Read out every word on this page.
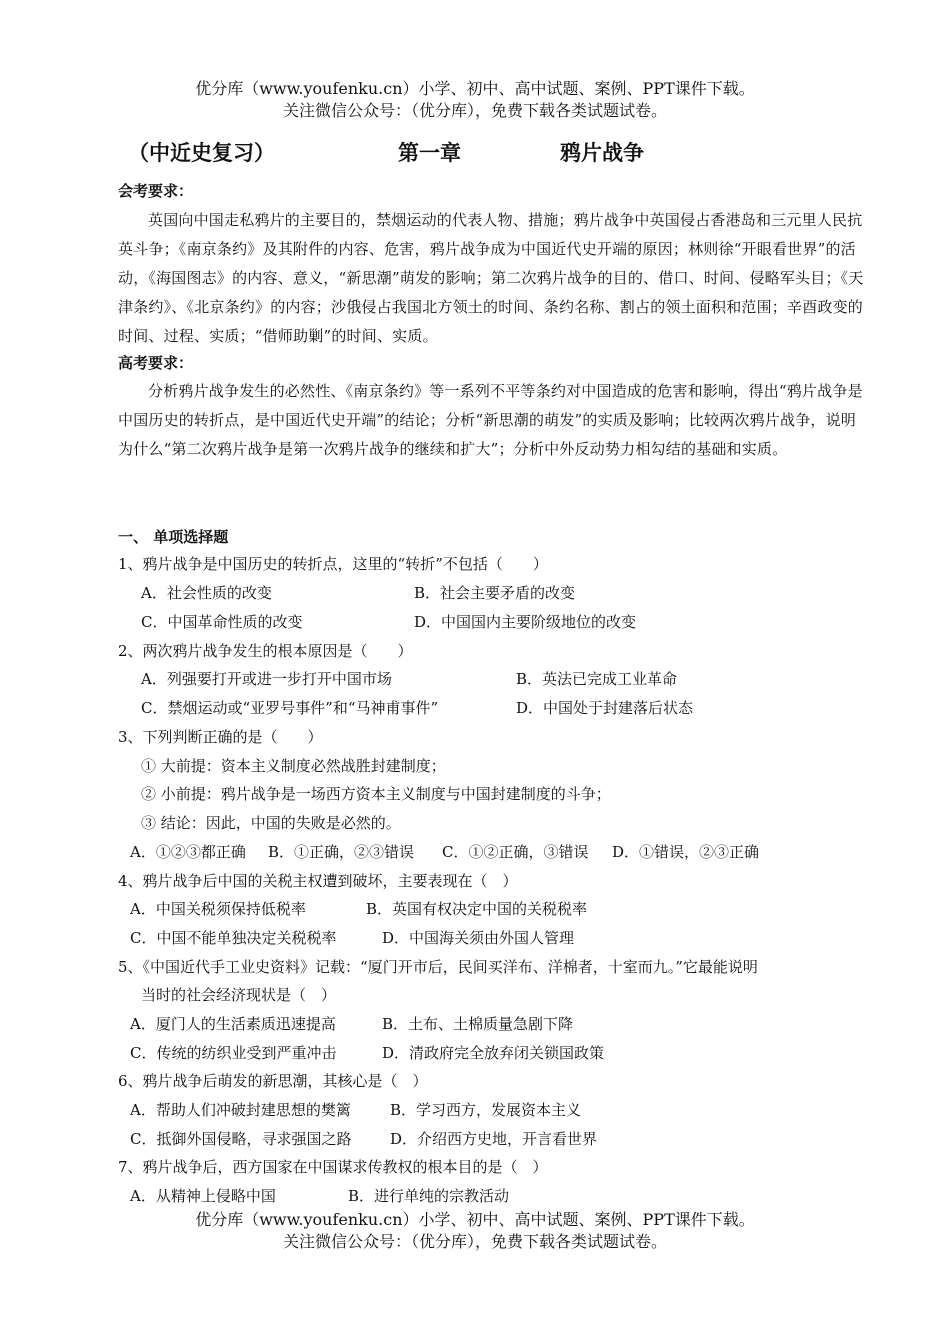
优分库（www.youfenku.cn）小学、初中、高中试题、案例、PPT课件下载。
关注微信公众号：（优分库），免费下载各类试题试卷。
（中近史复习）	第一章	鸦片战争
会考要求：
英国向中国走私鸦片的主要目的，禁烟运动的代表人物、措施；鸦片战争中英国侵占香港岛和三元里人民抗英斗争；《南京条约》及其附件的内容、危害，鸦片战争成为中国近代史开端的原因；林则徐“开眼看世界”的活动，《海国图志》的内容、意义，“新思潮”萌发的影响；第二次鸦片战争的目的、借口、时间、侵略军头目；《天津条约》、《北京条约》的内容；沙俄侵占我国北方领土的时间、条约名称、割占的领土面积和范围；辛酉政变的时间、过程、实质；“借师助剿”的时间、实质。
高考要求：
分析鸦片战争发生的必然性、《南京条约》等一系列不平等条约对中国造成的危害和影响，得出“鸦片战争是中国历史的转折点，是中国近代史开端”的结论；分析“新思潮的萌发”的实质及影响；比较两次鸦片战争，说明为什么“第二次鸦片战争是第一次鸦片战争的继续和扩大”；分析中外反动势力相勾结的基础和实质。
一、 单项选择题
1、鸦片战争是中国历史的转折点，这里的“转折”不包括（　　）
A．社会性质的改变	B．社会主要矛盾的改变
C．中国革命性质的改变	D．中国国内主要阶级地位的改变
2、两次鸦片战争发生的根本原因是（　　）
A．列强要打开或进一步打开中国市场	B．英法已完成工业革命
C．禁烟运动或“亚罗号事件”和“马神甫事件”	D．中国处于封建落后状态
3、下列判断正确的是（　　）
① 大前提：资本主义制度必然战胜封建制度；
② 小前提：鸦片战争是一场西方资本主义制度与中国封建制度的斗争；
③ 结论：因此，中国的失败是必然的。
A．①②③都正确 B．①正确，②③错误 C．①②正确，③错误 D．①错误，②③正确
4、鸦片战争后中国的关税主权遭到破坏，主要表现在（　）
A．中国关税须保持低税率	B．英国有权决定中国的关税税率
C．中国不能单独决定关税税率	D．中国海关须由外国人管理
5、《中国近代手工业史资料》记载：“厦门开市后，民间买洋布、洋棉者，十室而九。”它最能说明
当时的社会经济现状是（　）
A．厦门人的生活素质迅速提高	B．土布、土棉质量急剧下降
C．传统的纺织业受到严重冲击	D．清政府完全放弃闭关锁国政策
6、鸦片战争后萌发的新思潮，其核心是（　）
A．帮助人们冲破封建思想的樊篱	B．学习西方，发展资本主义
C．抵御外国侵略，寻求强国之路	D．介绍西方史地，开言看世界
7、鸦片战争后，西方国家在中国谋求传教权的根本目的是（　）
A．从精神上侵略中国	B．进行单纯的宗教活动
优分库（www.youfenku.cn）小学、初中、高中试题、案例、PPT课件下载。
关注微信公众号：（优分库），免费下载各类试题试卷。
